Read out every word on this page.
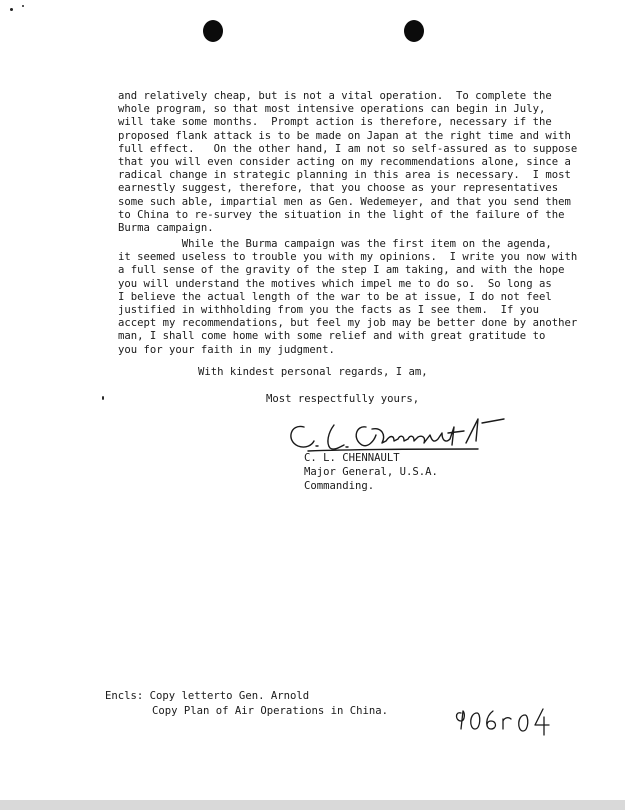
and relatively cheap, but is not a vital operation.  To complete the
whole program, so that most intensive operations can begin in July,
will take some months.  Prompt action is therefore, necessary if the
proposed flank attack is to be made on Japan at the right time and with
full effect.   On the other hand, I am not so self-assured as to suppose
that you will even consider acting on my recommendations alone, since a
radical change in strategic planning in this area is necessary.  I most
earnestly suggest, therefore, that you choose as your representatives
some such able, impartial men as Gen. Wedemeyer, and that you send them
to China to re-survey the situation in the light of the failure of the
Burma campaign.
While the Burma campaign was the first item on the agenda,
it seemed useless to trouble you with my opinions.  I write you now with
a full sense of the gravity of the step I am taking, and with the hope
you will understand the motives which impel me to do so.  So long as
I believe the actual length of the war to be at issue, I do not feel
justified in withholding from you the facts as I see them.  If you
accept my recommendations, but feel my job may be better done by another
man, I shall come home with some relief and with great gratitude to
you for your faith in my judgment.
With kindest personal regards, I am,
Most respectfully yours,
C. L. CHENNAULT
Major General, U.S.A.
Commanding.
Encls: Copy letterto Gen. Arnold
Copy Plan of Air Operations in China.
